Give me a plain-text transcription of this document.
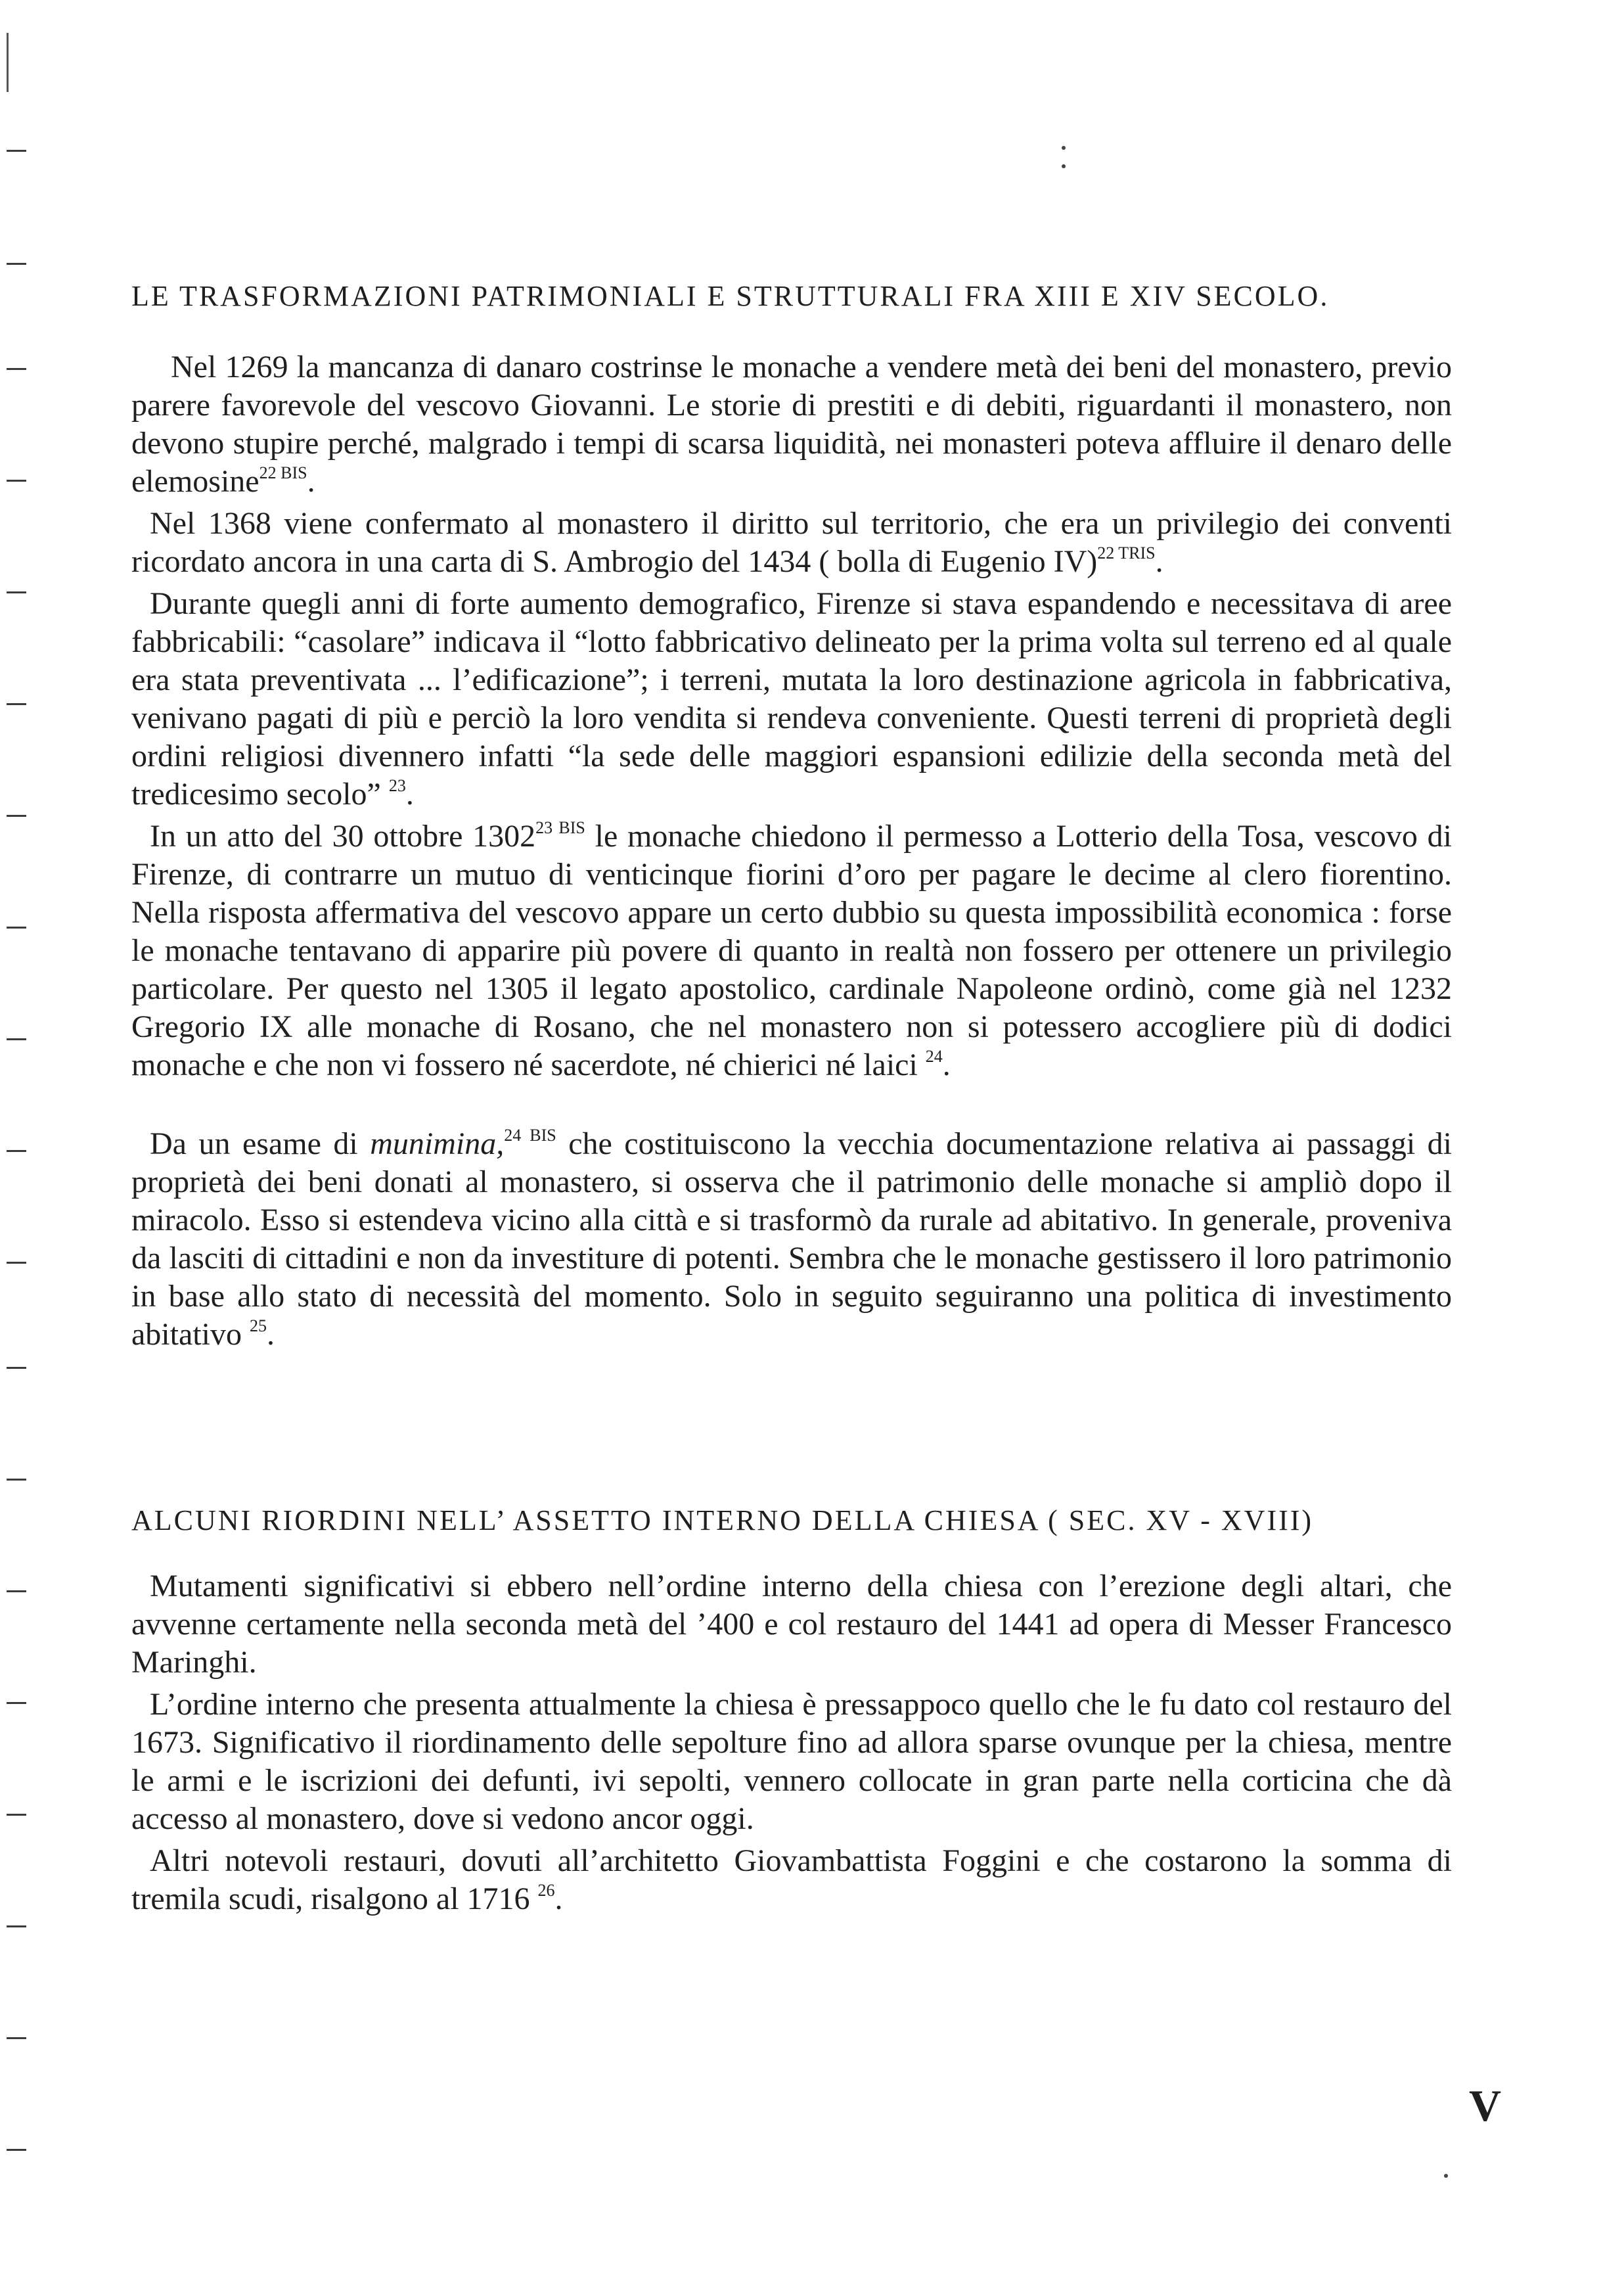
LE TRASFORMAZIONI PATRIMONIALI E STRUTTURALI FRA XIII E XIV SECOLO.

Nel 1269 la mancanza di danaro costrinse le monache a vendere metà dei beni del monastero, previo parere favorevole del vescovo Giovanni. Le storie di prestiti e di debiti, riguardanti il monastero, non devono stupire perché, malgrado i tempi di scarsa liquidità, nei monasteri poteva affluire il denaro delle elemosine$^{22 BIS}$.

Nel 1368 viene confermato al monastero il diritto sul territorio, che era un privilegio dei conventi ricordato ancora in una carta di S. Ambrogio del 1434 ( bolla di Eugenio IV)$^{22 TRIS}$.

Durante quegli anni di forte aumento demografico, Firenze si stava espandendo e necessitava di aree fabbricabili: “casolare” indicava il “lotto fabbricativo delineato per la prima volta sul terreno ed al quale era stata preventivata ... l’edificazione”; i terreni, mutata la loro destinazione agricola in fabbricativa, venivano pagati di più e perciò la loro vendita si rendeva conveniente. Questi terreni di proprietà degli ordini religiosi divennero infatti “la sede delle maggiori espansioni edilizie della seconda metà del tredicesimo secolo” $^{23}$.

In un atto del 30 ottobre $1302^{23 BIS}$ le monache chiedono il permesso a Lotterio della Tosa, vescovo di Firenze, di contrarre un mutuo di venticinque fiorini d’oro per pagare le decime al clero fiorentino. Nella risposta affermativa del vescovo appare un certo dubbio su questa impossibilità economica : forse le monache tentavano di apparire più povere di quanto in realtà non fossero per ottenere un privilegio particolare. Per questo nel 1305 il legato apostolico, cardinale Napoleone ordinò, come già nel 1232 Gregorio IX alle monache di Rosano, che nel monastero non si potessero accogliere più di dodici monache e che non vi fossero né sacerdote, né chierici né laici $^{24}$.

Da un esame di munimina,$^{24 BIS}$ che costituiscono la vecchia documentazione relativa ai passaggi di proprietà dei beni donati al monastero, si osserva che il patrimonio delle monache si ampliò dopo il miracolo. Esso si estendeva vicino alla città e si trasformò da rurale ad abitativo. In generale, proveniva da lasciti di cittadini e non da investiture di potenti. Sembra che le monache gestissero il loro patrimonio in base allo stato di necessità del momento. Solo in seguito seguiranno una politica di investimento abitativo $^{25}$.

ALCUNI RIORDINI NELL’ ASSETTO INTERNO DELLA CHIESA ( SEC. XV - XVIII)

Mutamenti significativi si ebbero nell’ordine interno della chiesa con l’erezione degli altari, che avvenne certamente nella seconda metà del ’400 e col restauro del 1441 ad opera di Messer Francesco Maringhi.

L’ordine interno che presenta attualmente la chiesa è pressappoco quello che le fu dato col restauro del 1673. Significativo il riordinamento delle sepolture fino ad allora sparse ovunque per la chiesa, mentre le armi e le iscrizioni dei defunti, ivi sepolti, vennero collocate in gran parte nella corticina che dà accesso al monastero, dove si vedono ancor oggi.

Altri notevoli restauri, dovuti all’architetto Giovambattista Foggini e che costarono la somma di tremila scudi, risalgono al 1716 $^{26}$.

V
